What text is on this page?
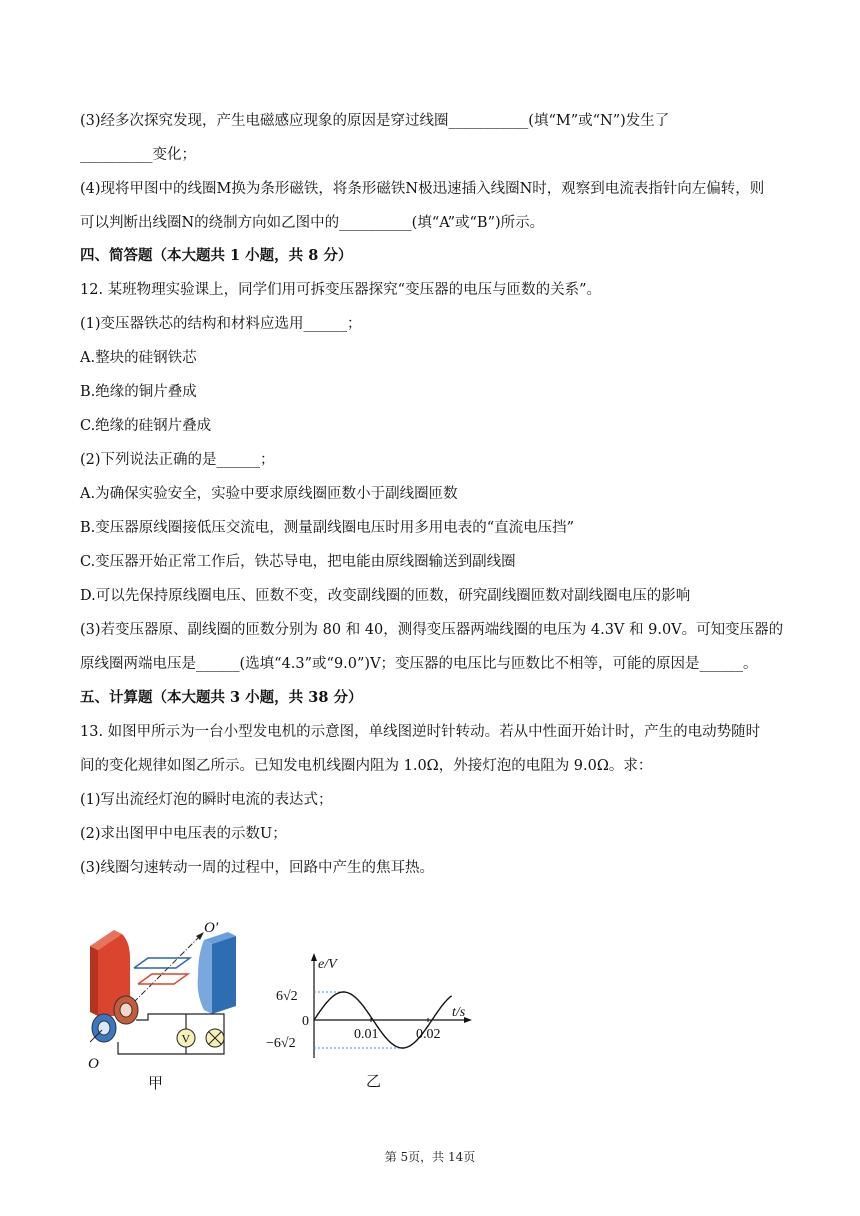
(3)经多次探究发现，产生电磁感应现象的原因是穿过线圈___________(填“M”或“N”)发生了
__________变化；
(4)现将甲图中的线圈M换为条形磁铁，将条形磁铁N极迅速插入线圈N时，观察到电流表指针向左偏转，则
可以判断出线圈N的绕制方向如乙图中的__________(填“A”或“B”)所示。
四、简答题（本大题共 1 小题，共 8 分）
12. 某班物理实验课上，同学们用可拆变压器探究“变压器的电压与匝数的关系”。
(1)变压器铁芯的结构和材料应选用______；
A.整块的硅钢铁芯
B.绝缘的铜片叠成
C.绝缘的硅钢片叠成
(2)下列说法正确的是______；
A.为确保实验安全，实验中要求原线圈匝数小于副线圈匝数
B.变压器原线圈接低压交流电，测量副线圈电压时用多用电表的“直流电压挡”
C.变压器开始正常工作后，铁芯导电，把电能由原线圈输送到副线圈
D.可以先保持原线圈电压、匝数不变，改变副线圈的匝数，研究副线圈匝数对副线圈电压的影响
(3)若变压器原、副线圈的匝数分别为 80 和 40，测得变压器两端线圈的电压为 4.3V 和 9.0V。可知变压器的
原线圈两端电压是______(选填“4.3”或“9.0”)V；变压器的电压比与匝数比不相等，可能的原因是______。
五、计算题（本大题共 3 小题，共 38 分）
13. 如图甲所示为一台小型发电机的示意图，单线图逆时针转动。若从中性面开始计时，产生的电动势随时
间的变化规律如图乙所示。已知发电机线圈内阻为 1.0Ω，外接灯泡的电阻为 9.0Ω。求：
(1)写出流经灯泡的瞬时电流的表达式；
(2)求出图甲中电压表的示数U；
(3)线圈匀速转动一周的过程中，回路中产生的焦耳热。
O′
O
V
甲
e/V
t/s
6√2
0
−6√2
0.01	0.02
乙
第 5页，共 14页
